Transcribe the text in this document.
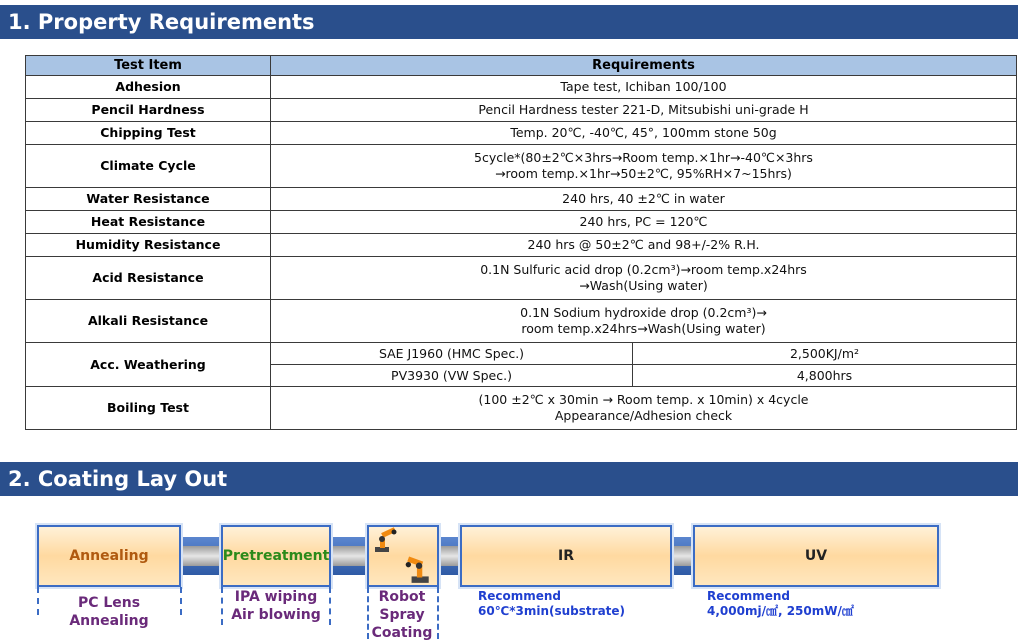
1. Property Requirements
Test Item	Requirements	
Adhesion	Tape test, Ichiban 100/100	
Pencil Hardness	Pencil Hardness tester 221-D, Mitsubishi uni-grade H	
Chipping Test	Temp. 20℃, -40℃, 45°, 100mm stone 50g	
Climate Cycle	5cycle*(80±2℃×3hrs→Room temp.×1hr→-40℃×3hrs
→room temp.×1hr→50±2℃, 95%RH×7~15hrs)	

Water Resistance	240 hrs, 40 ±2℃ in water	
Heat Resistance	240 hrs, PC = 120℃	
Humidity Resistance	240 hrs @ 50±2℃ and 98+/-2% R.H.	
Acid Resistance	0.1N Sulfuric acid drop (0.2cm³)→room temp.x24hrs
→Wash(Using water)	

Alkali Resistance	0.1N Sodium hydroxide drop (0.2cm³)→
room temp.x24hrs→Wash(Using water)	

Acc. Weathering	SAE J1960 (HMC Spec.)	2,500KJ/m²
	PV3930 (VW Spec.)	4,800hrs
Boiling Test	(100 ±2℃ x 30min → Room temp. x 10min) x 4cycle
Appearance/Adhesion check	
2. Coating Lay Out
Annealing	Pretreatment	IR	UV
PC Lens Annealing
IPA wiping
Air blowing
Robot
Spray
Coating
Recommend
60℃*3min(substrate)
Recommend
4,000mj/㎠, 250mW/㎠
